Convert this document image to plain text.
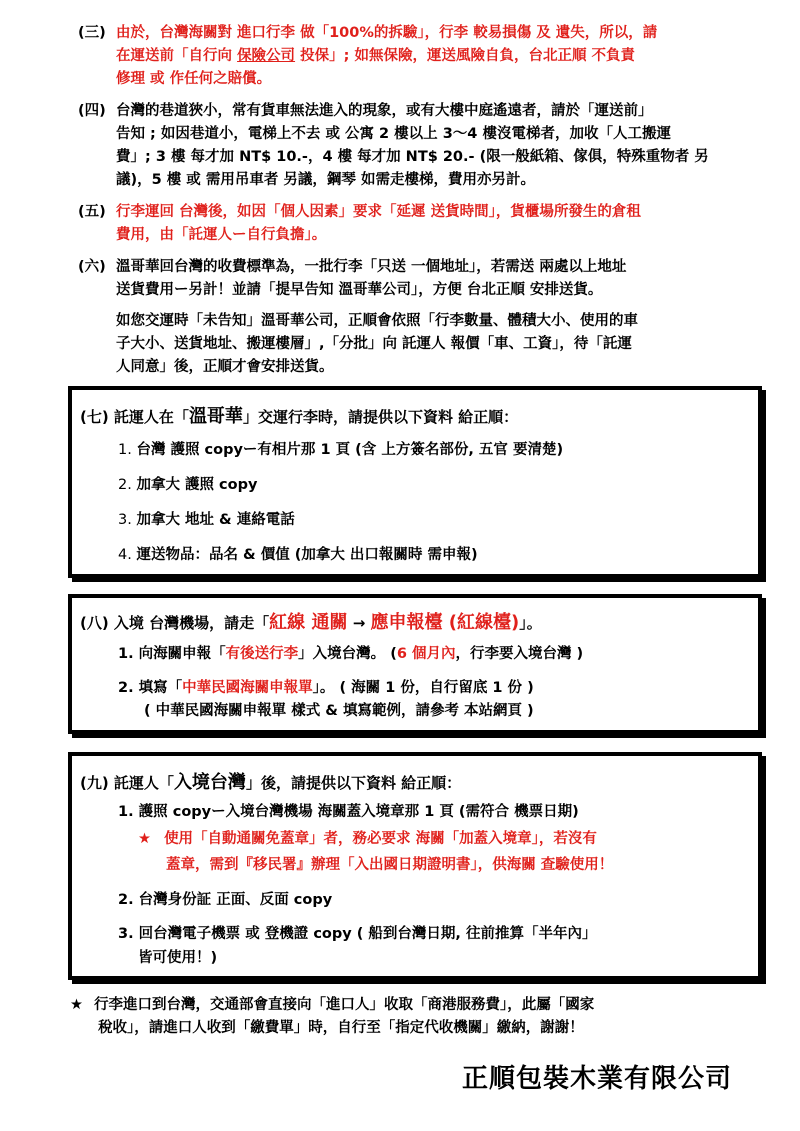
(三) 由於，台灣海關對 進口行李 做「100%的拆驗」，行李 較易損傷 及 遺失，所以，請
在運送前「自行向 保險公司 投保」; 如無保險，運送風險自負，台北正順 不負責
修理 或 作任何之賠償。
(四) 台灣的巷道狹小，常有貨車無法進入的現象，或有大樓中庭遙遠者，請於「運送前」
告知 ; 如因巷道小，電梯上不去 或 公寓 2 樓以上 3～4 樓沒電梯者，加收「人工搬運
費」; 3 樓 每才加 NT$ 10.-，4 樓 每才加 NT$ 20.- (限一般紙箱、傢俱，特殊重物者 另
議)，5 樓 或 需用吊車者 另議，鋼琴 如需走樓梯，費用亦另計。
(五) 行李運回 台灣後，如因「個人因素」要求「延遲 送貨時間」，貨櫃場所發生的倉租
費用，由「託運人ー自行負擔」。
(六) 溫哥華回台灣的收費標準為，一批行李「只送 一個地址」，若需送 兩處以上地址
送貨費用ー另計！並請「提早告知 溫哥華公司」，方便 台北正順 安排送貨。
如您交運時「未告知」溫哥華公司，正順會依照「行李數量、體積大小、使用的車
子大小、送貨地址、搬運樓層」,「分批」向 託運人 報價「車、工資」，待「託運
人同意」後，正順才會安排送貨。
(七) 託運人在「溫哥華」交運行李時，請提供以下資料 給正順：
1. 台灣 護照 copyー有相片那 1 頁 (含 上方簽名部份, 五官 要清楚)
2. 加拿大 護照 copy
3. 加拿大 地址 & 連絡電話
4. 運送物品：品名 & 價值 (加拿大 出口報關時 需申報)
(八) 入境 台灣機場，請走「紅線 通關 → 應申報檯 (紅線檯)」。
1. 向海關申報「有後送行李」入境台灣。 (6 個月內，行李要入境台灣 )
2. 填寫「中華民國海關申報單」。 ( 海關 1 份，自行留底 1 份 )
( 中華民國海關申報單 樣式 & 填寫範例，請參考 本站網頁 )
(九) 託運人「入境台灣」後，請提供以下資料 給正順：
1. 護照 copyー入境台灣機場 海關蓋入境章那 1 頁 (需符合 機票日期)
★ 使用「自動通關免蓋章」者，務必要求 海關「加蓋入境章」，若沒有
蓋章，需到『移民署』辦理「入出國日期證明書」，供海關 查驗使用！
2. 台灣身份証 正面、反面 copy
3. 回台灣電子機票 或 登機證 copy ( 船到台灣日期, 往前推算「半年內」
皆可使用！)
★ 行李進口到台灣，交通部會直接向「進口人」收取「商港服務費」，此屬「國家
稅收」，請進口人收到「繳費單」時，自行至「指定代收機關」繳納，謝謝！
正順包裝木業有限公司
